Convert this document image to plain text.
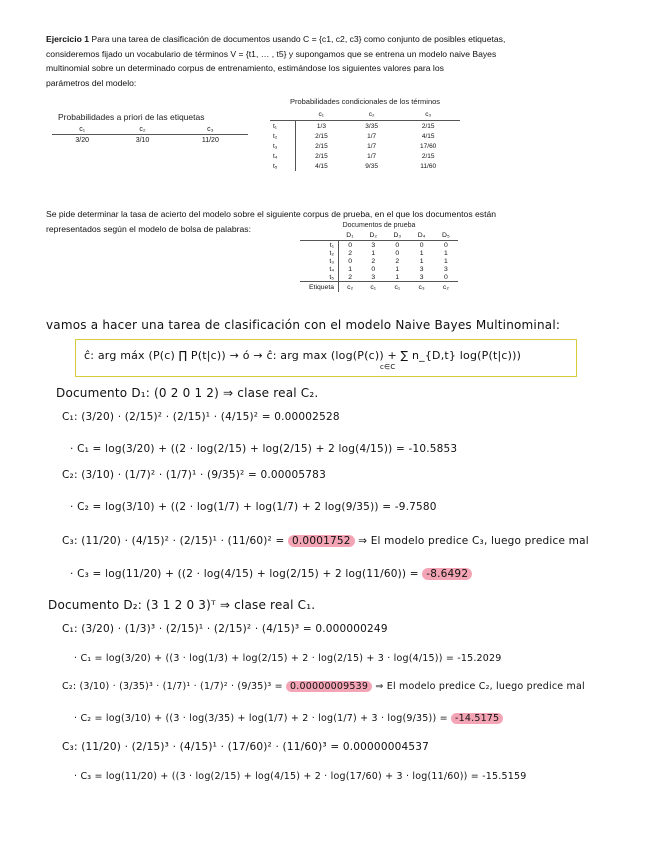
Ejercicio 1 Para una tarea de clasificación de documentos usando C = {c1, c2, c3} como conjunto de posibles etiquetas,
consideremos fijado un vocabulario de términos V = {t1, … , t5} y supongamos que se entrena un modelo naive Bayes
multinomial sobre un determinado corpus de entrenamiento, estimándose los siguientes valores para los
parámetros del modelo:
Probabilidades a priori de las etiquetas
c₁	c₂	c₃
3/20	3/10	11/20
Probabilidades condicionales de los términos
	c₁	c₂	c₃
t₁	1/3	3/35	2/15
t₂	2/15	1/7	4/15
t₃	2/15	1/7	17/60
t₄	2/15	1/7	2/15
t₅	4/15	9/35	11/60
Se pide determinar la tasa de acierto del modelo sobre el siguiente corpus de prueba, en el que los documentos están
representados según el modelo de bolsa de palabras:	Documentos de prueba
	D₁	D₂	D₃	D₄	D₅
t₁	0	3	0	0	0
t₂	2	1	0	1	1
t₃	0	2	2	1	1
t₄	1	0	1	3	3
t₅	2	3	1	3	0
Etiqueta	c₂	c₁	c₁	c₃	c₂
vamos a hacer una tarea de clasificación con el modelo Naive Bayes Multinominal:
ĉ: arg máx (P(c) ∏ P(t|c)) → ó → ĉ: arg max (log(P(c)) + ∑ n_{D,t} log(P(t|c)))
c∈C
Documento D₁: (0 2 0 1 2) ⇒ clase real C₂.
C₁: (3/20) · (2/15)² · (2/15)¹ · (4/15)² = 0.00002528
· C₁ = log(3/20) + ((2 · log(2/15) + log(2/15) + 2 log(4/15)) = -10.5853
C₂: (3/10) · (1/7)² · (1/7)¹ · (9/35)² = 0.00005783
· C₂ = log(3/10) + ((2 · log(1/7) + log(1/7) + 2 log(9/35)) = -9.7580
C₃: (11/20) · (4/15)² · (2/15)¹ · (11/60)² = 0.0001752 ⇒ El modelo predice C₃, luego predice mal
· C₃ = log(11/20) + ((2 · log(4/15) + log(2/15) + 2 log(11/60)) = -8.6492
Documento D₂: (3 1 2 0 3)ᵀ ⇒ clase real C₁.
C₁: (3/20) · (1/3)³ · (2/15)¹ · (2/15)² · (4/15)³ = 0.000000249
· C₁ = log(3/20) + ((3 · log(1/3) + log(2/15) + 2 · log(2/15) + 3 · log(4/15)) = -15.2029
C₂: (3/10) · (3/35)³ · (1/7)¹ · (1/7)² · (9/35)³ = 0.00000009539 ⇒ El modelo predice C₂, luego predice mal
· C₂ = log(3/10) + ((3 · log(3/35) + log(1/7) + 2 · log(1/7) + 3 · log(9/35)) = -14.5175
C₃: (11/20) · (2/15)³ · (4/15)¹ · (17/60)² · (11/60)³ = 0.00000004537
· C₃ = log(11/20) + ((3 · log(2/15) + log(4/15) + 2 · log(17/60) + 3 · log(11/60)) = -15.5159
